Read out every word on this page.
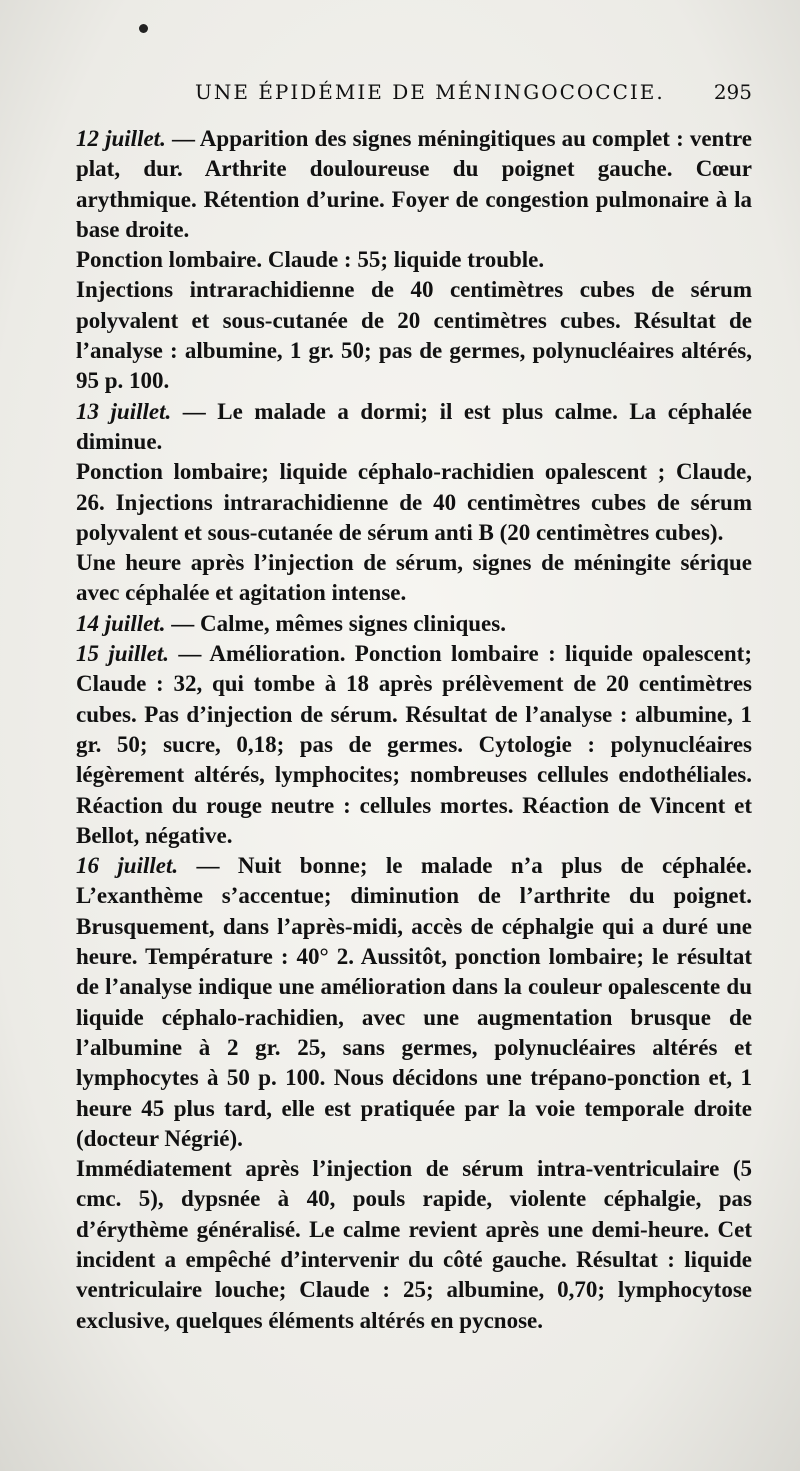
UNE ÉPIDÉMIE DE MÉNINGOCOCCIE. 295

12 juillet. — Apparition des signes méningitiques au complet : ventre plat, dur. Arthrite douloureuse du poignet gauche. Cœur arythmique. Rétention d’urine. Foyer de congestion pulmonaire à la base droite.

Ponction lombaire. Claude : 55; liquide trouble.

Injections intrarachidienne de 40 centimètres cubes de sérum polyvalent et sous-cutanée de 20 centimètres cubes. Résultat de l’analyse : albumine, 1 gr. 50; pas de germes, polynucléaires altérés, 95 p. 100.

13 juillet. — Le malade a dormi; il est plus calme. La céphalée diminue.

Ponction lombaire; liquide céphalo-rachidien opalescent ; Claude, 26. Injections intrarachidienne de 40 centimètres cubes de sérum polyvalent et sous-cutanée de sérum anti B (20 centimètres cubes).

Une heure après l’injection de sérum, signes de méningite sérique avec céphalée et agitation intense.

14 juillet. — Calme, mêmes signes cliniques.

15 juillet. — Amélioration. Ponction lombaire : liquide opalescent; Claude : 32, qui tombe à 18 après prélèvement de 20 centimètres cubes. Pas d’injection de sérum. Résultat de l’analyse : albumine, 1 gr. 50; sucre, 0,18; pas de germes. Cytologie : polynucléaires légèrement altérés, lymphocites; nombreuses cellules endothéliales. Réaction du rouge neutre : cellules mortes. Réaction de Vincent et Bellot, négative.

16 juillet. — Nuit bonne; le malade n’a plus de céphalée. L’exanthème s’accentue; diminution de l’arthrite du poignet. Brusquement, dans l’après-midi, accès de céphalgie qui a duré une heure. Température : 40° 2. Aussitôt, ponction lombaire; le résultat de l’analyse indique une amélioration dans la couleur opalescente du liquide céphalo-rachidien, avec une augmentation brusque de l’albumine à 2 gr. 25, sans germes, polynucléaires altérés et lymphocytes à 50 p. 100. Nous décidons une trépano-ponction et, 1 heure 45 plus tard, elle est pratiquée par la voie temporale droite (docteur Négrié).

Immédiatement après l’injection de sérum intra-ventriculaire (5 cmc. 5), dypsnée à 40, pouls rapide, violente céphalgie, pas d’érythème généralisé. Le calme revient après une demi-heure. Cet incident a empêché d’intervenir du côté gauche. Résultat : liquide ventriculaire louche; Claude : 25; albumine, 0,70; lymphocytose exclusive, quelques éléments altérés en pycnose.
